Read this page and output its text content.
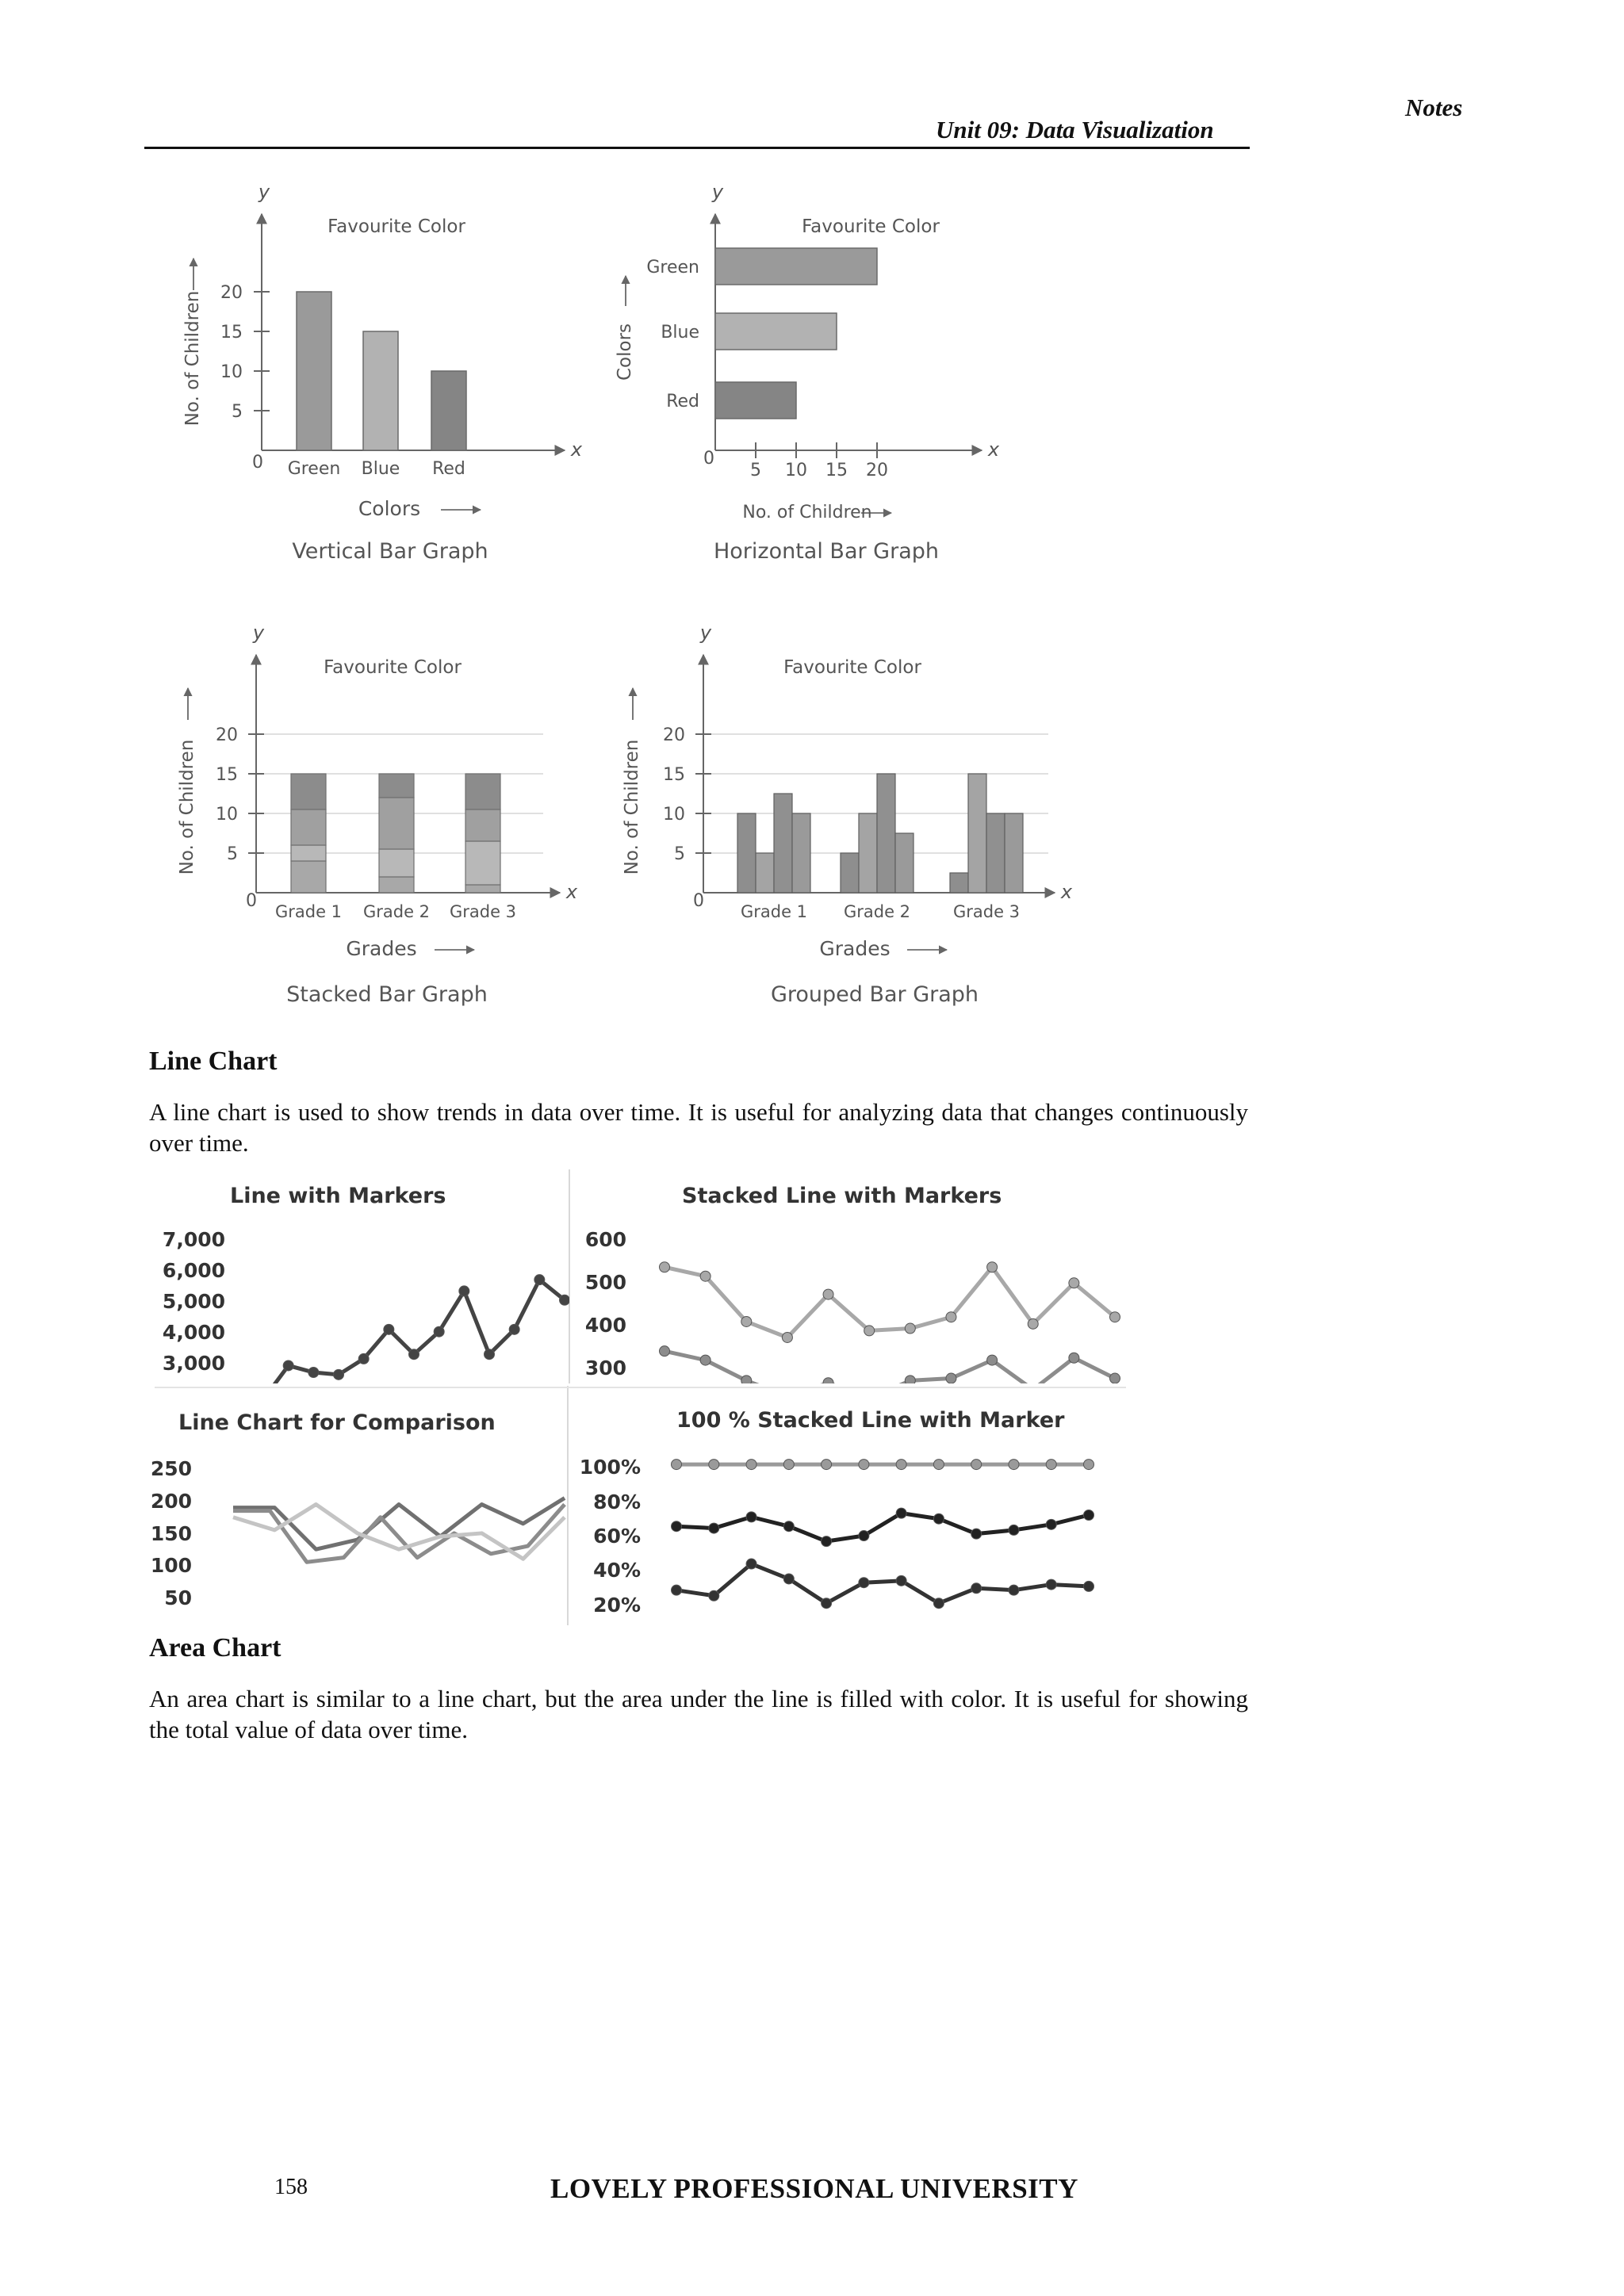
Notes
Unit 09: Data Visualization
y
x
0
Favourite Color
No. of Children
Colors
Vertical Bar Graph
5
10
15
20
Green Blue Red
y
x
0
Favourite Color
Colors
No. of Children
Horizontal Bar Graph
5 10 15 20
Green
Blue
Red
y
x
0
Favourite Color
No. of Children
Grades
Stacked Bar Graph
5
10
15
20
Grade 1 Grade 2 Grade 3
y
x
0
Favourite Color
No. of Children
Grades
Grouped Bar Graph
5
10
15
20
Grade 1 Grade 2	Grade 3
Line Chart
A line chart is used to show trends in data over time. It is useful for analyzing data that changes continuously over time.
Line with Markers
7,000
6,000
5,000
4,000
3,000
Stacked Line with Markers
600
500
400
300
Line Chart for Comparison
250
200
150
100
50
100 % Stacked Line with Marker
100%
80%
60%
40%
20%
Area Chart
An area chart is similar to a line chart, but the area under the line is filled with color. It is useful for showing the total value of data over time.
158	LOVELY PROFESSIONAL UNIVERSITY
